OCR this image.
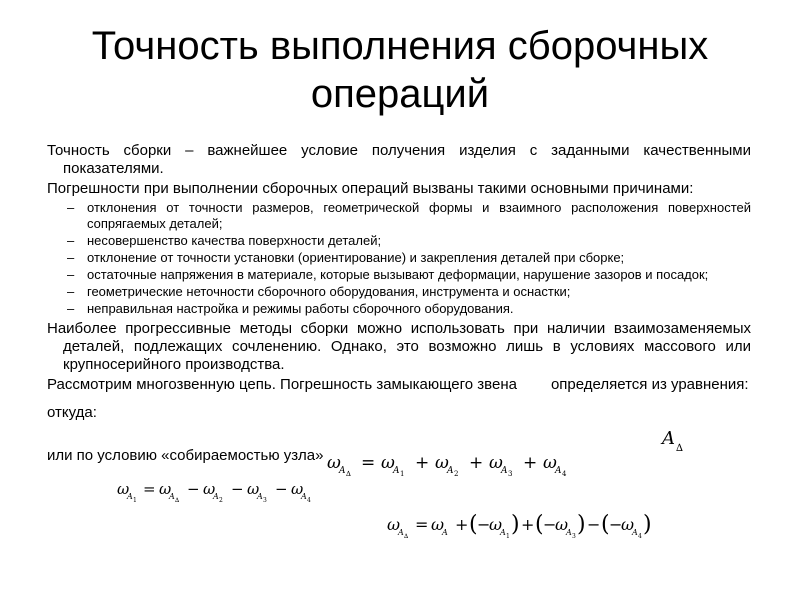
Точность выполнения сборочных операций

Точность сборки – важнейшее условие получения изделия с заданными качественными показателями.

Погрешности при выполнении сборочных операций вызваны такими основными причинами:

– отклонения от точности размеров, геометрической формы и взаимного расположения поверхностей сопрягаемых деталей;
– несовершенство качества поверхности деталей;
– отклонение от точности установки (ориентирование) и закрепления деталей при сборке;
– остаточные напряжения в материале, которые вызывают деформации, нарушение зазоров и посадок;
– геометрические неточности сборочного оборудования, инструмента и оснастки;
– неправильная настройка и режимы работы сборочного оборудования.

Наиболее прогрессивные методы сборки можно использовать при наличии взаимозаменяемых деталей, подлежащих сочленению. Однако, это возможно лишь в условиях массового или крупносерийного производства.

Рассмотрим многозвенную цепь. Погрешность замыкающего звена определяется из уравнения:

откуда:

или по условию «собираемостью узла»

A ∆
ω
A ∆
= ω
A 1
+ ω
A 2
+ ω
A 3
+ ω
A 4
ω
A 1
= ω
A ∆
− ω
A 2
− ω
A 3
− ω
A 4
ω
A ∆
= ω
A + ( −
ω
A 1 ) + ( −
ω
A 3 ) − ( −
ω
A 4 )
